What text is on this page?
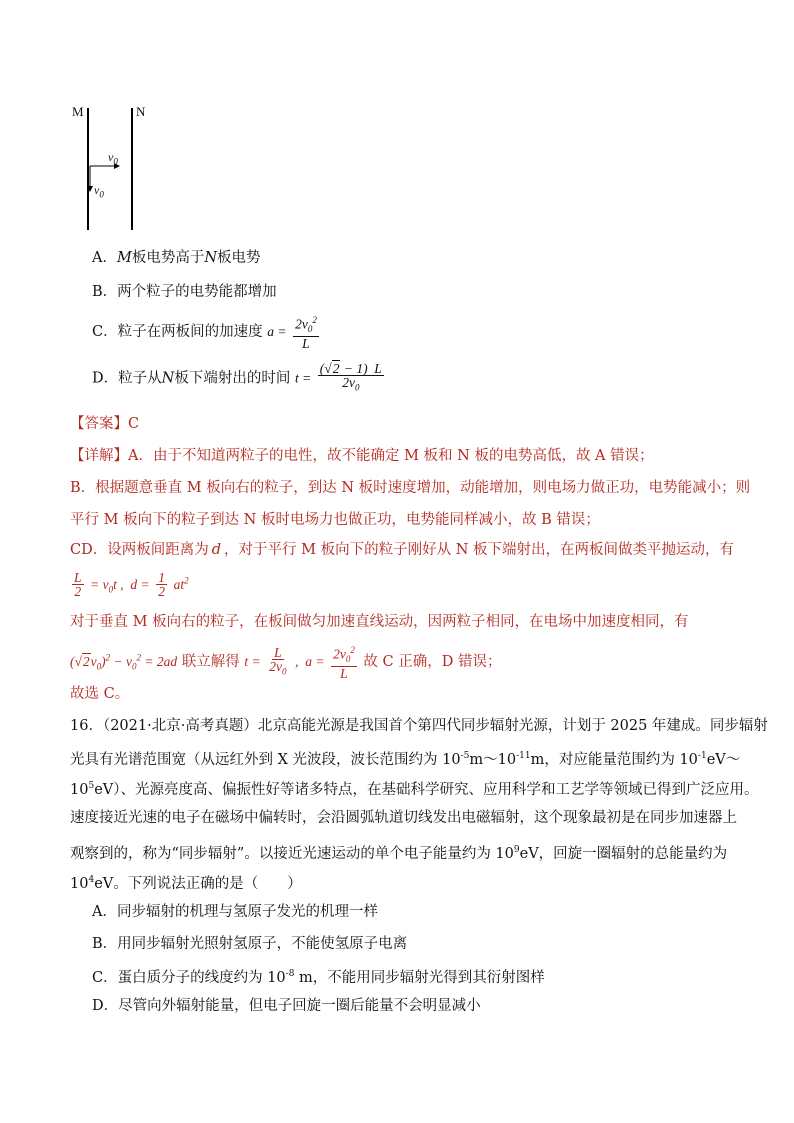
M	N
$v_0$
$v_0$
A．M板电势高于N板电势
B．两个粒子的电势能都增加
C．粒子在两板间的加速度 $a = \frac{2v_0^2}{L}$
D．粒子从N板下端射出的时间 $t = \frac{(√2 - 1) L}{2v_0}$
【答案】C
【详解】A．由于不知道两粒子的电性，故不能确定 M 板和 N 板的电势高低，故 A 错误；
B．根据题意垂直 M 板向右的粒子，到达 N 板时速度增加，动能增加，则电场力做正功，电势能减小；则
平行 M 板向下的粒子到达 N 板时电场力也做正功，电势能同样减小，故 B 错误；
CD．设两板间距离为 d ，对于平行 M 板向下的粒子刚好从 N 板下端射出，在两板间做类平抛运动，有
$\frac{L}{2} = v_0t$ ,  $d = \frac{1}{2} at^2$
对于垂直 M 板向右的粒子，在板间做匀加速直线运动，因两粒子相同，在电场中加速度相同，有
$(√2v_0)^2 - v_0^2 = 2ad$ 联立解得 $t = \frac{L}{2v_0}$ ,  $a = \frac{2v_0^2}{L}$ 故 C 正确，D 错误；
故选 C。
16．（2021·北京·高考真题）北京高能光源是我国首个第四代同步辐射光源，计划于 2025 年建成。同步辐射
光具有光谱范围宽（从远红外到 X 光波段，波长范围约为 $10^{-5}m\sim 10^{-11}m$，对应能量范围约为 $10^{-1}eV\sim$
$10^5eV$）、光源亮度高、偏振性好等诸多特点，在基础科学研究、应用科学和工艺学等领域已得到广泛应用。
速度接近光速的电子在磁场中偏转时，会沿圆弧轨道切线发出电磁辐射，这个现象最初是在同步加速器上
观察到的，称为“同步辐射”。以接近光速运动的单个电子能量约为 $10^9eV$，回旋一圈辐射的总能量约为
$10^4eV$。下列说法正确的是（　　）
A．同步辐射的机理与氢原子发光的机理一样
B．用同步辐射光照射氢原子，不能使氢原子电离
C．蛋白质分子的线度约为 $10^{-8}$ m，不能用同步辐射光得到其衍射图样
D．尽管向外辐射能量，但电子回旋一圈后能量不会明显减小
